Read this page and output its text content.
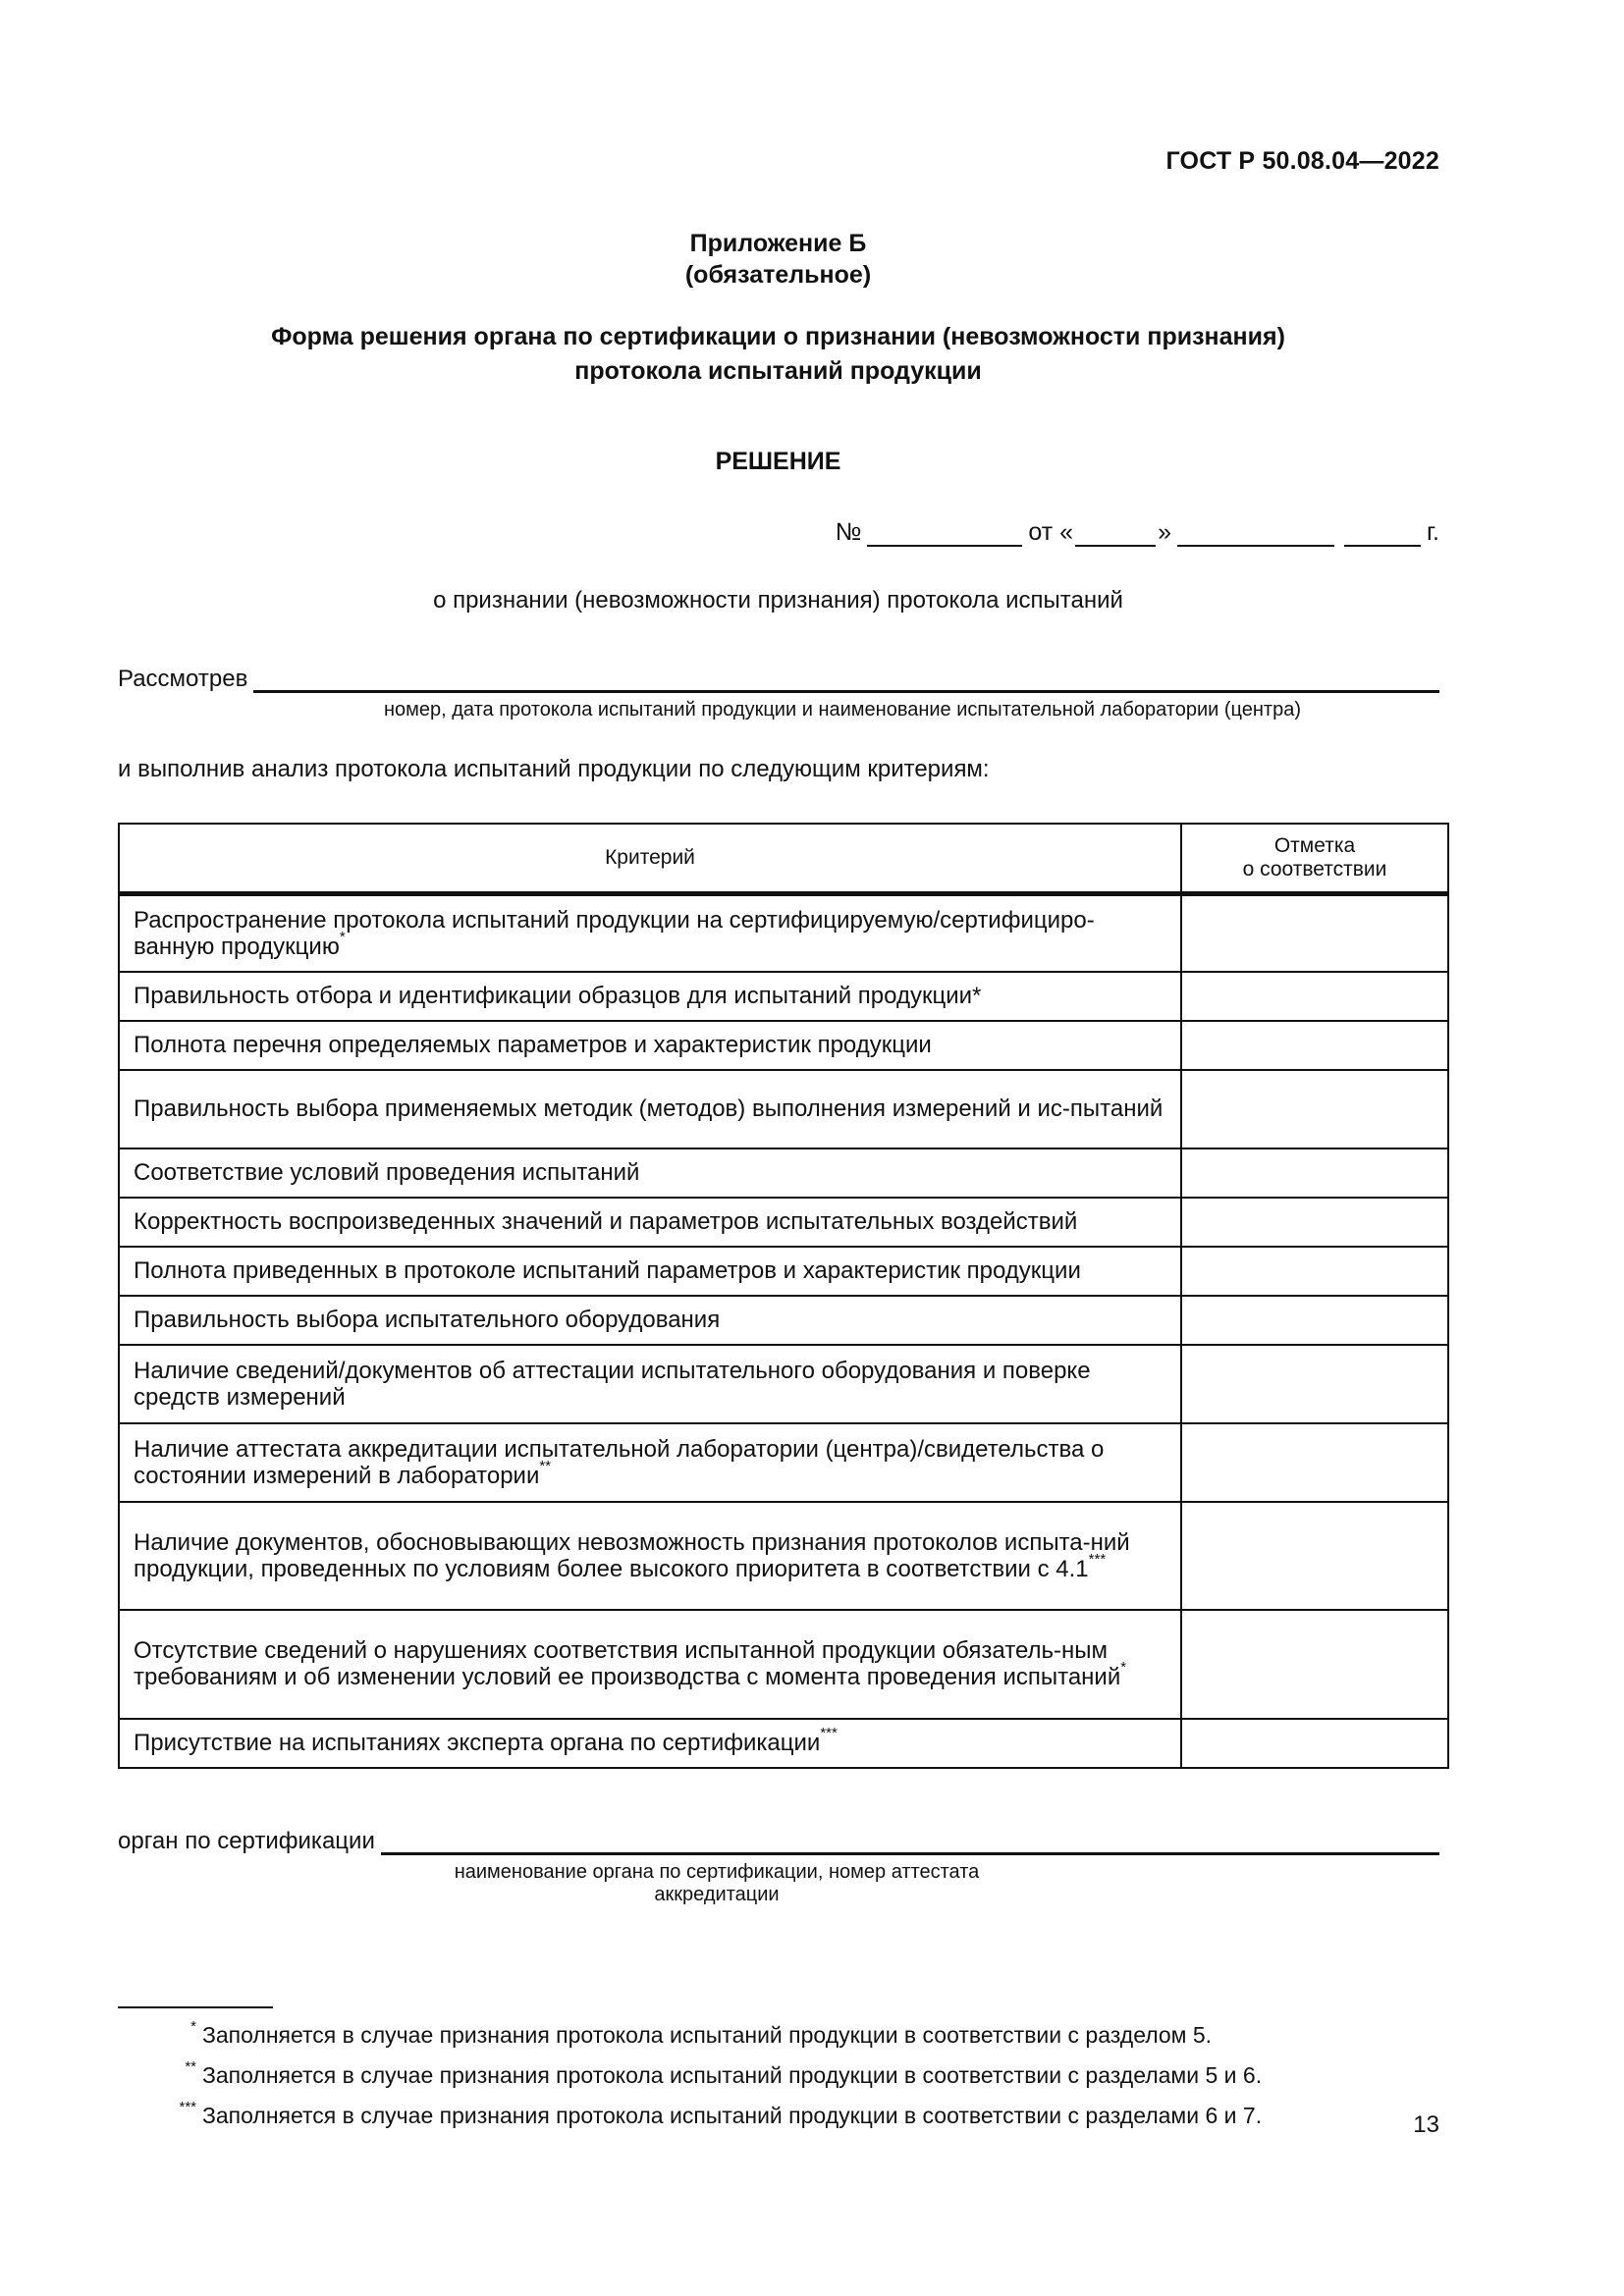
ГОСТ Р 50.08.04—2022
Приложение Б
(обязательное)
Форма решения органа по сертификации о признании (невозможности признания)
протокола испытаний продукции
РЕШЕНИЕ
№	от «	»	г.
о признании (невозможности признания) протокола испытаний
Рассмотрев
номер, дата протокола испытаний продукции и наименование испытательной лаборатории (центра)
и выполнив анализ протокола испытаний продукции по следующим критериям:
Критерий	Отметка
о соответствии

Распространение протокола испытаний продукции на сертифицируемую/сертифициро-ванную продукцию*	
Правильность отбора и идентификации образцов для испытаний продукции*	
Полнота перечня определяемых параметров и характеристик продукции	
Правильность выбора применяемых методик (методов) выполнения измерений и ис-пытаний	
Соответствие условий проведения испытаний	
Корректность воспроизведенных значений и параметров испытательных воздействий	
Полнота приведенных в протоколе испытаний параметров и характеристик продукции	
Правильность выбора испытательного оборудования	
Наличие сведений/документов об аттестации испытательного оборудования и поверке средств измерений	
Наличие аттестата аккредитации испытательной лаборатории (центра)/свидетельства о состоянии измерений в лаборатории**	
Наличие документов, обосновывающих невозможность признания протоколов испыта-ний продукции, проведенных по условиям более высокого приоритета в соответствии с 4.1***	
Отсутствие сведений о нарушениях соответствия испытанной продукции обязатель-ным требованиям и об изменении условий ее производства с момента проведения испытаний*	
Присутствие на испытаниях эксперта органа по сертификации***	
орган по сертификации
наименование органа по сертификации, номер аттестата аккредитации
* Заполняется в случае признания протокола испытаний продукции в соответствии с разделом 5.
** Заполняется в случае признания протокола испытаний продукции в соответствии с разделами 5 и 6.
*** Заполняется в случае признания протокола испытаний продукции в соответствии с разделами 6 и 7.	13
